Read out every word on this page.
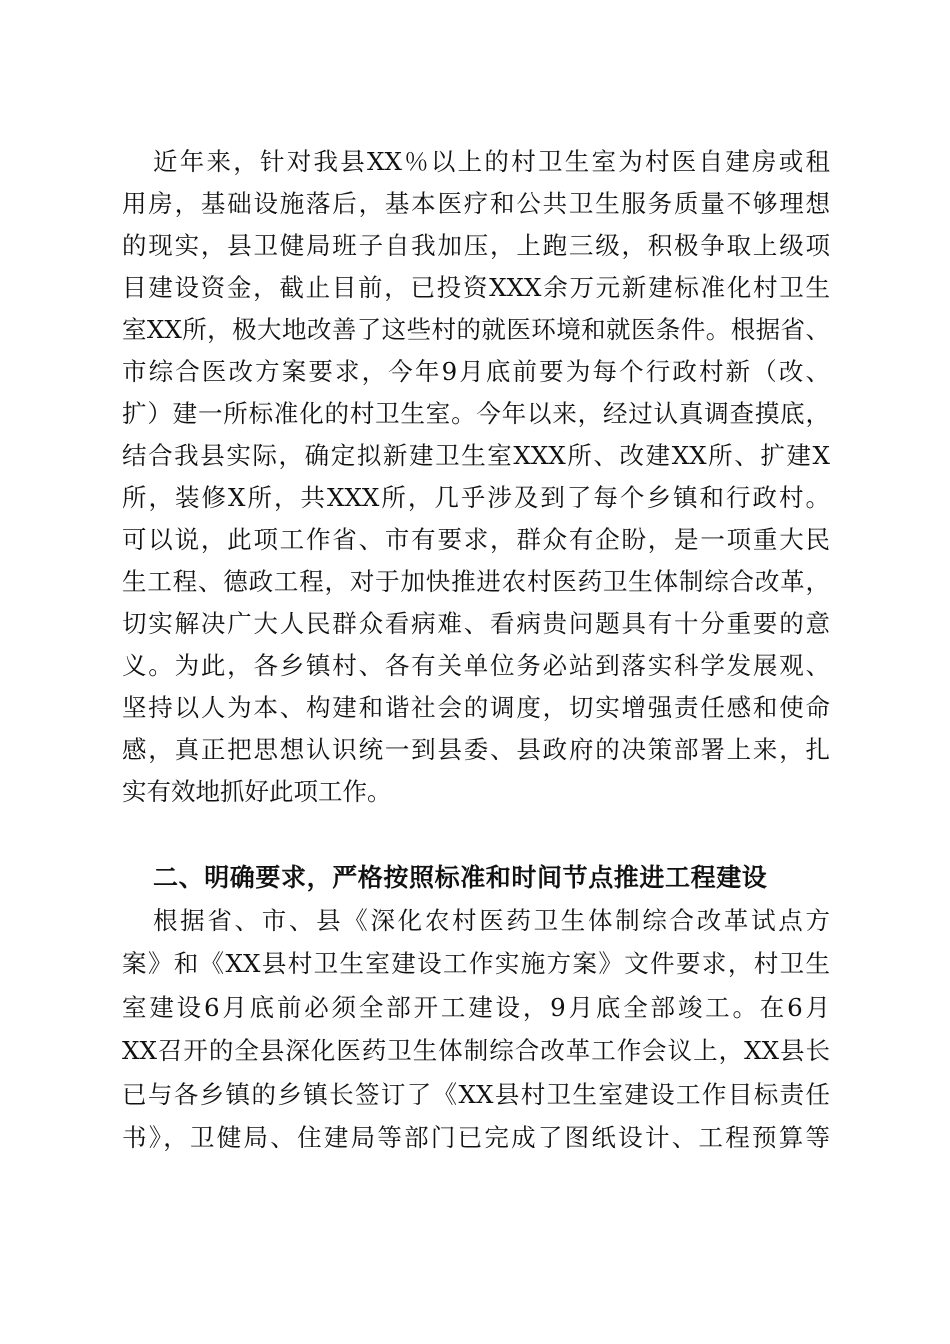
近年来，针对我县XX％以上的村卫生室为村医自建房或租
用房，基础设施落后，基本医疗和公共卫生服务质量不够理想
的现实，县卫健局班子自我加压，上跑三级，积极争取上级项
目建设资金，截止目前，已投资XXX余万元新建标准化村卫生
室XX所，极大地改善了这些村的就医环境和就医条件。根据省、
市综合医改方案要求，今年9月底前要为每个行政村新（改、
扩）建一所标准化的村卫生室。今年以来，经过认真调查摸底，
结合我县实际，确定拟新建卫生室XXX所、改建XX所、扩建X
所，装修X所，共XXX所，几乎涉及到了每个乡镇和行政村。
可以说，此项工作省、市有要求，群众有企盼，是一项重大民
生工程、德政工程，对于加快推进农村医药卫生体制综合改革，
切实解决广大人民群众看病难、看病贵问题具有十分重要的意
义。为此，各乡镇村、各有关单位务必站到落实科学发展观、
坚持以人为本、构建和谐社会的调度，切实增强责任感和使命
感，真正把思想认识统一到县委、县政府的决策部署上来，扎
实有效地抓好此项工作。
二、明确要求，严格按照标准和时间节点推进工程建设
根据省、市、县《深化农村医药卫生体制综合改革试点方
案》和《XX县村卫生室建设工作实施方案》文件要求，村卫生
室建设6月底前必须全部开工建设，9月底全部竣工。在6月
XX召开的全县深化医药卫生体制综合改革工作会议上，XX县长
已与各乡镇的乡镇长签订了《XX县村卫生室建设工作目标责任
书》，卫健局、住建局等部门已完成了图纸设计、工程预算等
